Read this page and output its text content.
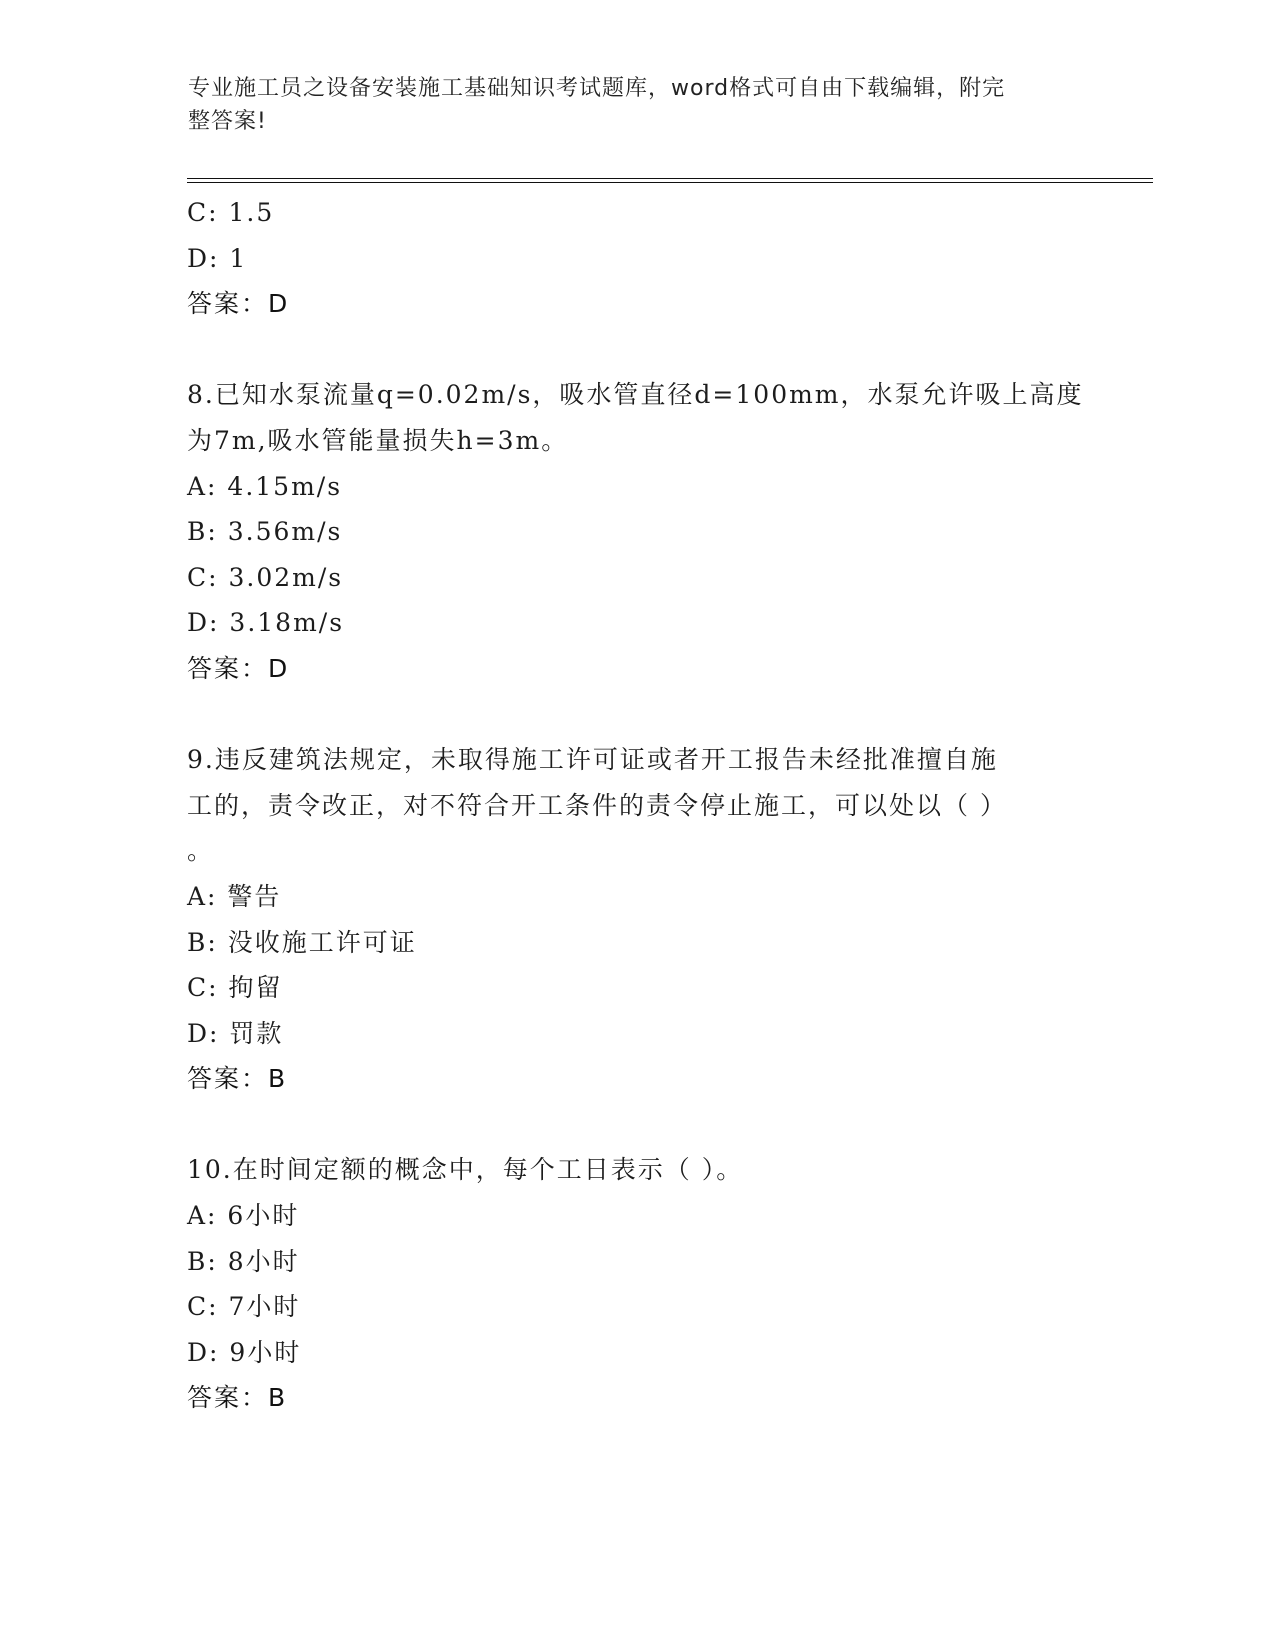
专业施工员之设备安装施工基础知识考试题库，word格式可自由下载编辑，附完
整答案!
C: 1.5
D: 1
答案：D
8.已知水泵流量q=0.02m/s，吸水管直径d=100mm，水泵允许吸上高度
为7m,吸水管能量损失h=3m。
A: 4.15m/s
B: 3.56m/s
C: 3.02m/s
D: 3.18m/s
答案：D
9.违反建筑法规定，未取得施工许可证或者开工报告未经批准擅自施
工的，责令改正，对不符合开工条件的责令停止施工，可以处以（ ）
。
A: 警告
B: 没收施工许可证
C: 拘留
D: 罚款
答案：B
10.在时间定额的概念中，每个工日表示（ ）。
A: 6小时
B: 8小时
C: 7小时
D: 9小时
答案：B
